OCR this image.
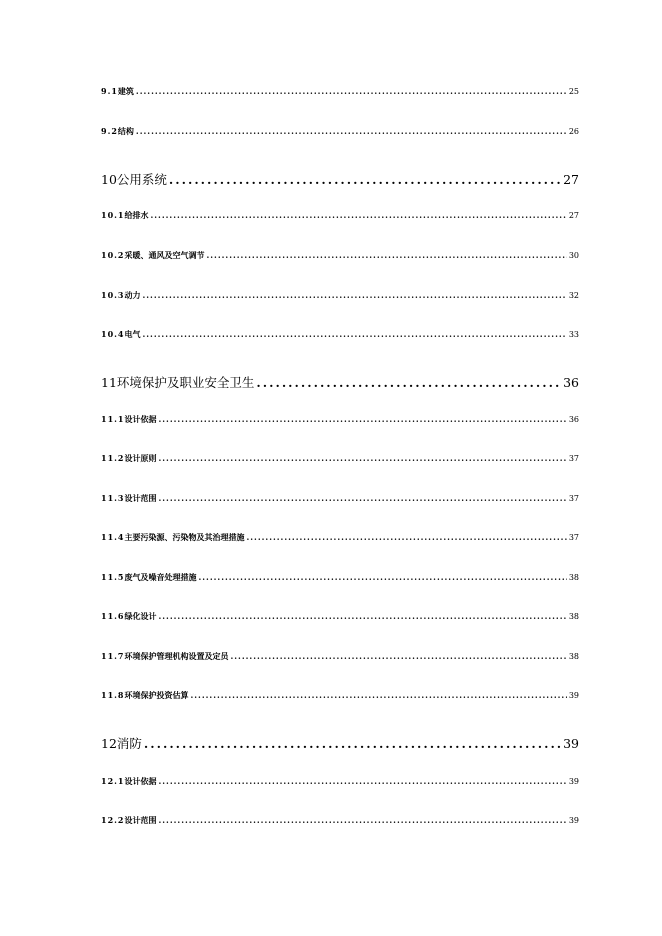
9.1 建筑 .....	25
9.2 结构 .....	26
10 公用系统 .....	27
10.1 给排水 .....	27
10.2 采暖、通风及空气调节 .....	30
10.3 动力 .....	32
10.4 电气 .....	33
11 环境保护及职业安全卫生 .....	36
11.1 设计依据 .....	36
11.2 设计原则 .....	37
11.3 设计范围 .....	37
11.4 主要污染源、污染物及其治理措施 .....	37
11.5 废气及噪音处理措施 .....	38
11.6 绿化设计 .....	38
11.7 环境保护管理机构设置及定员 .....	38
11.8 环境保护投资估算 .....	39
12 消防 .....	39
12.1 设计依据 .....	39
12.2 设计范围 .....	39
